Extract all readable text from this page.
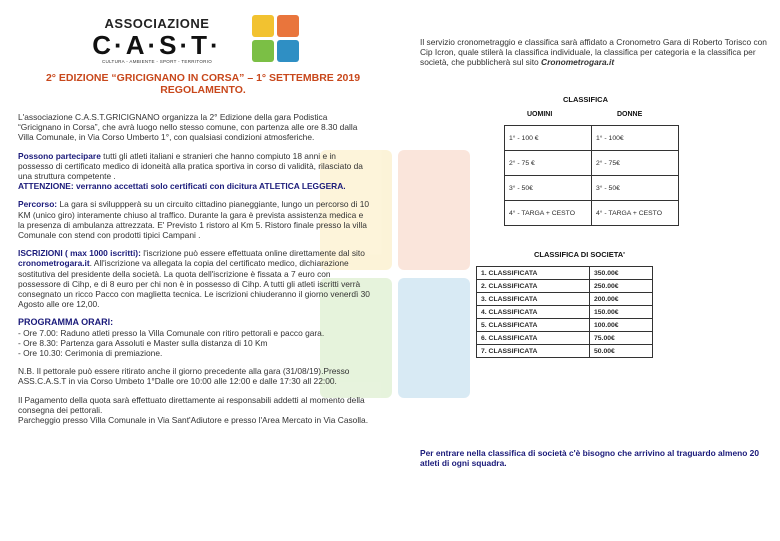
ASSOCIAZIONE
C·A·S·T·
CULTURA - AMBIENTE - SPORT - TERRITORIO
2° EDIZIONE “GRICIGNANO IN CORSA” – 1° SETTEMBRE 2019
REGOLAMENTO.

L'associazione C.A.S.T.GRICIGNANO organizza la 2° Edizione della gara Podistica “Gricignano in Corsa”, che avrà luogo nello stesso comune, con partenza alle ore 8.30 dalla Villa Comunale, in Via Corso Umberto 1°, con qualsiasi condizioni atmosferiche.

Possono partecipare tutti gli atleti italiani e stranieri che hanno compiuto 18 anni e in possesso di certificato medico di idoneità alla pratica sportiva in corso di validità, rilasciato da una struttura competente .
ATTENZIONE: verranno accettati solo certificati con dicitura ATLETICA LEGGERA.

Percorso: La gara si sviluppperà su un circuito cittadino pianeggiante, lungo un percorso di 10 KM (unico giro) interamente chiuso al traffico. Durante la gara è prevista assistenza medica e la presenza di ambulanza attrezzata. E' Previsto 1 ristoro al Km 5. Ristoro finale presso la villa Comunale con stend con prodotti tipici Campani .

ISCRIZIONI ( max 1000 iscritti): l'iscrizione può essere effettuata online direttamente dal sito cronometrogara.it. All'iscrizione va allegata la copia del certificato medico, dichiarazione sostitutiva del presidente della società. La quota dell'iscrizione è fissata a 7 euro con possessore di Cihp, e di 8 euro per chi non è in possesso di Cihp. A tutti gli atleti iscritti verrà consegnato un ricco Pacco con maglietta tecnica. Le iscrizioni chiuderanno il giorno venerdì 30 Agosto alle ore 12,00.

PROGRAMMA ORARI:
- Ore 7.00: Raduno atleti presso la Villa Comunale con ritiro pettorali e pacco gara.
- Ore 8.30: Partenza gara Assoluti e Master sulla distanza di 10 Km
- Ore 10.30: Cerimonia di premiazione.

N.B. Il pettorale può essere ritirato anche il giorno precedente alla gara (31/08/19).Presso ASS.C.A.S.T in via Corso Umbeto 1°Dalle ore 10:00 alle 12:00 e dalle 17:30 all 22:00.

Il Pagamento della quota sarà effettuato direttamente ai responsabili addetti al momento della consegna dei pettorali.
Parcheggio presso Villa Comunale in Via Sant'Adiutore e presso l'Area Mercato in Via Casolla.
Il servizio cronometraggio e classifica sarà affidato a Cronometro Gara di Roberto Torisco con Cip Icron, quale stilerà la classifica individuale, la classifica per categoria e la classifica per società, che pubblicherà sul sito Cronometrogara.it
CLASSIFICA
UOMINI	DONNE
1° - 100 €	1° - 100€
2° - 75 €	2° - 75€
3° - 50€	3° - 50€
4° - TARGA + CESTO	4° - TARGA + CESTO
CLASSIFICA DI SOCIETA'
1. CLASSIFICATA	350.00€
2. CLASSIFICATA	250.00€
3. CLASSIFICATA	200.00€
4. CLASSIFICATA	150.00€
5. CLASSIFICATA	100.00€
6. CLASSIFICATA	75.00€
7. CLASSIFICATA	50.00€
Per entrare nella classifica di società c'è bisogno che arrivino al traguardo almeno 20 atleti di ogni squadra.
